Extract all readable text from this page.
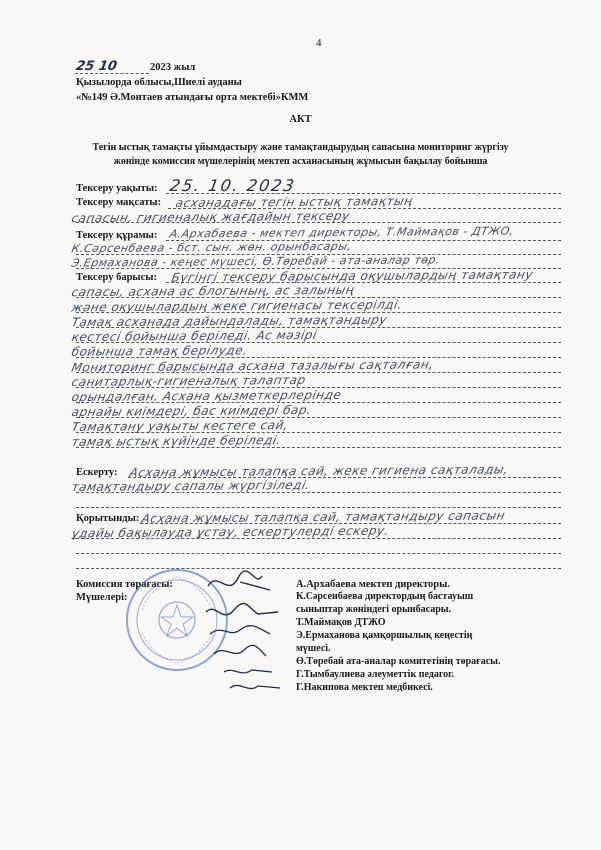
4
25 10	2023 жыл
Қызылорда облысы,Шиелі ауданы
«№149 Ә.Монтаев атындағы орта мектебі»КММ
АКТ
Тегін ыстық тамақты ұйымдастыру және тамақтандырудың сапасына мониторинг жүргізу
жөнінде комиссия мүшелерінің мектеп асханасының жұмысын бақылау бойынша
Тексеру уақыты: 25. 10. 2023
Тексеру мақсаты: асханадағы тегін ыстық тамақтың
сапасын, гигиеналық жағдайын тексеру
Тексеру құрамы: А.Архабаева - мектеп директоры, Т.Маймақов - ДТЖО,
К.Сәрсенбаева - бст. сын. жөн. орынбасары,
Э.Ермаханова - кеңес мүшесі, Ө.Төребай - ата-аналар төр.
Тексеру барысы: Бүгінгі тексеру барысында оқушылардың тамақтану
сапасы, асхана ас блогының, ас залының
және оқушылардың жеке гигиенасы тексерілді.
Тамақ асханада дайындалады, тамақтандыру
кестесі бойынша беріледі. Ас мәзірі
бойынша тамақ берілуде.
Мониторинг барысында асхана тазалығы сақталған,
санитарлық-гигиеналық талаптар
орындалған. Асхана қызметкерлерінде
арнайы киімдері, бас киімдері бар.
Тамақтану уақыты кестеге сай,
тамақ ыстық күйінде беріледі.
Ескерту: Асхана жұмысы талапқа сай, жеке гигиена сақталады,
тамақтандыру сапалы жүргізіледі.
Қорытынды: Асхана жұмысы талапқа сай, тамақтандыру сапасын
ұдайы бақылауда ұстау, ескертулерді ескеру.
Комиссия төрағасы:	А.Архабаева мектеп директоры.
Мүшелері:	К.Сәрсенбаева директордың бастауыш
сыныптар жөніндегі орынбасары.
Т.Маймақов ДТЖО
Э.Ермаханова қамқоршылық кеңестің
мүшесі.
Ө.Төребай ата-аналар комитетінің төрағасы.
Г.Тымбаулиева әлеуметтік педагог.
Г.Накипова мектеп медбикесі.
